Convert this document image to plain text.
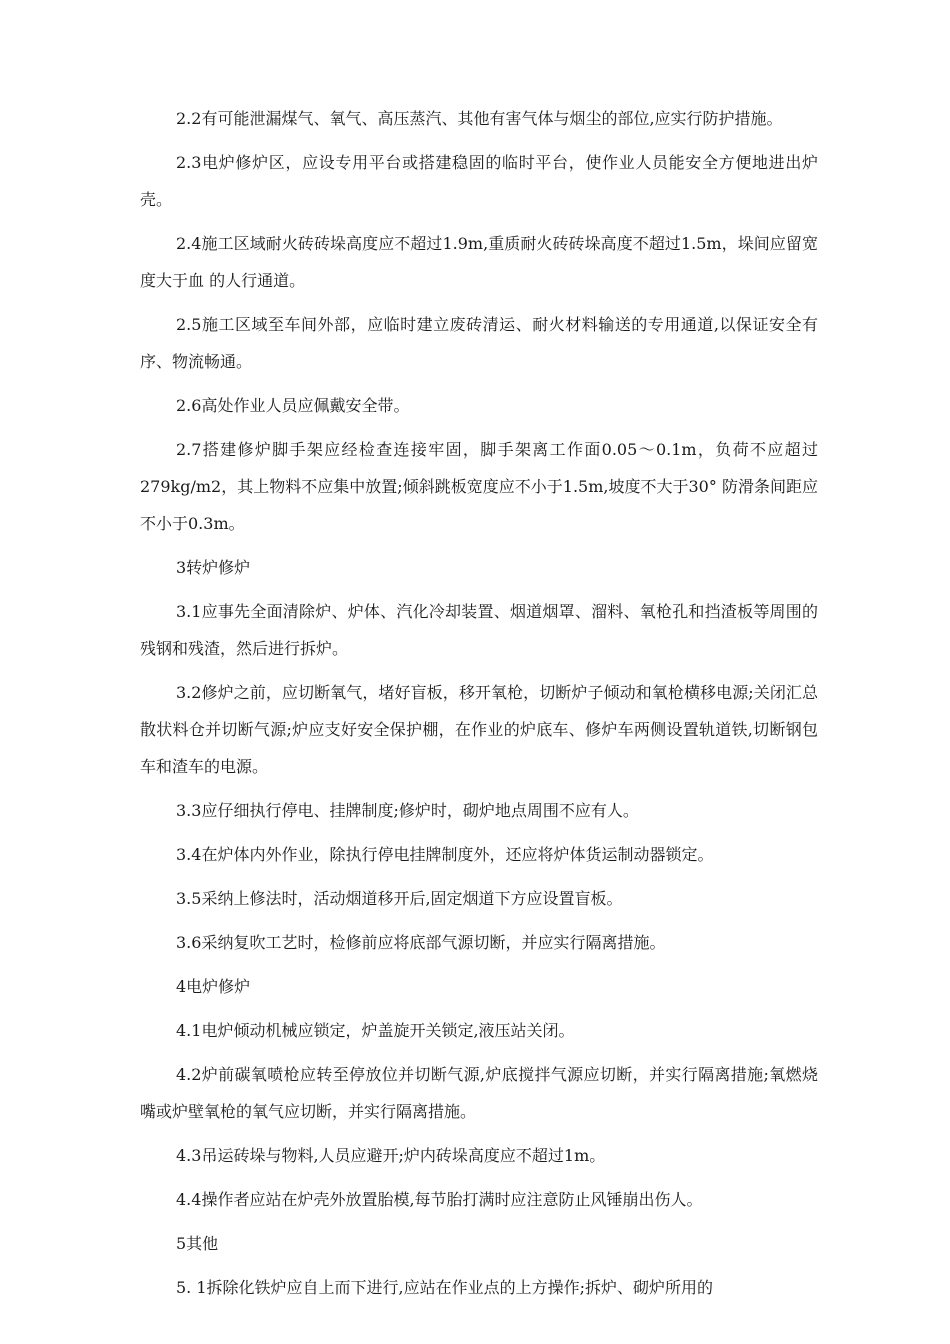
2.2有可能泄漏煤气、氧气、高压蒸汽、其他有害气体与烟尘的部位,应实行防护措施。

2.3电炉修炉区，应设专用平台或搭建稳固的临时平台，使作业人员能安全方便地进出炉壳。

2.4施工区域耐火砖砖垛高度应不超过1.9m,重质耐火砖砖垛高度不超过1.5m，垛间应留宽度大于血 的人行通道。

2.5施工区域至车间外部，应临时建立废砖清运、耐火材料输送的专用通道,以保证安全有序、物流畅通。

2.6高处作业人员应佩戴安全带。

2.7搭建修炉脚手架应经检查连接牢固，脚手架离工作面0.05〜0.1m，负荷不应超过279kg/m2，其上物料不应集中放置;倾斜跳板宽度应不小于1.5m,坡度不大于30° 防滑条间距应不小于0.3m。

3转炉修炉

3.1应事先全面清除炉、炉体、汽化冷却装置、烟道烟罩、溜料、氧枪孔和挡渣板等周围的残钢和残渣，然后进行拆炉。

3.2修炉之前，应切断氧气，堵好盲板，移开氧枪，切断炉子倾动和氧枪横移电源;关闭汇总散状料仓并切断气源;炉应支好安全保护棚，在作业的炉底车、修炉车两侧设置轨道铁,切断钢包车和渣车的电源。

3.3应仔细执行停电、挂牌制度;修炉时，砌炉地点周围不应有人。

3.4在炉体内外作业，除执行停电挂牌制度外，还应将炉体货运制动器锁定。

3.5采纳上修法时，活动烟道移开后,固定烟道下方应设置盲板。

3.6采纳复吹工艺时，检修前应将底部气源切断，并应实行隔离措施。

4电炉修炉

4.1电炉倾动机械应锁定，炉盖旋开关锁定,液压站关闭。

4.2炉前碳氧喷枪应转至停放位并切断气源,炉底搅拌气源应切断，并实行隔离措施;氧燃烧嘴或炉壁氧枪的氧气应切断，并实行隔离措施。

4.3吊运砖垛与物料,人员应避开;炉内砖垛高度应不超过1m。

4.4操作者应站在炉壳外放置胎模,每节胎打满时应注意防止风锤崩出伤人。

5其他

5. 1拆除化铁炉应自上而下进行,应站在作业点的上方操作;拆炉、砌炉所用的
